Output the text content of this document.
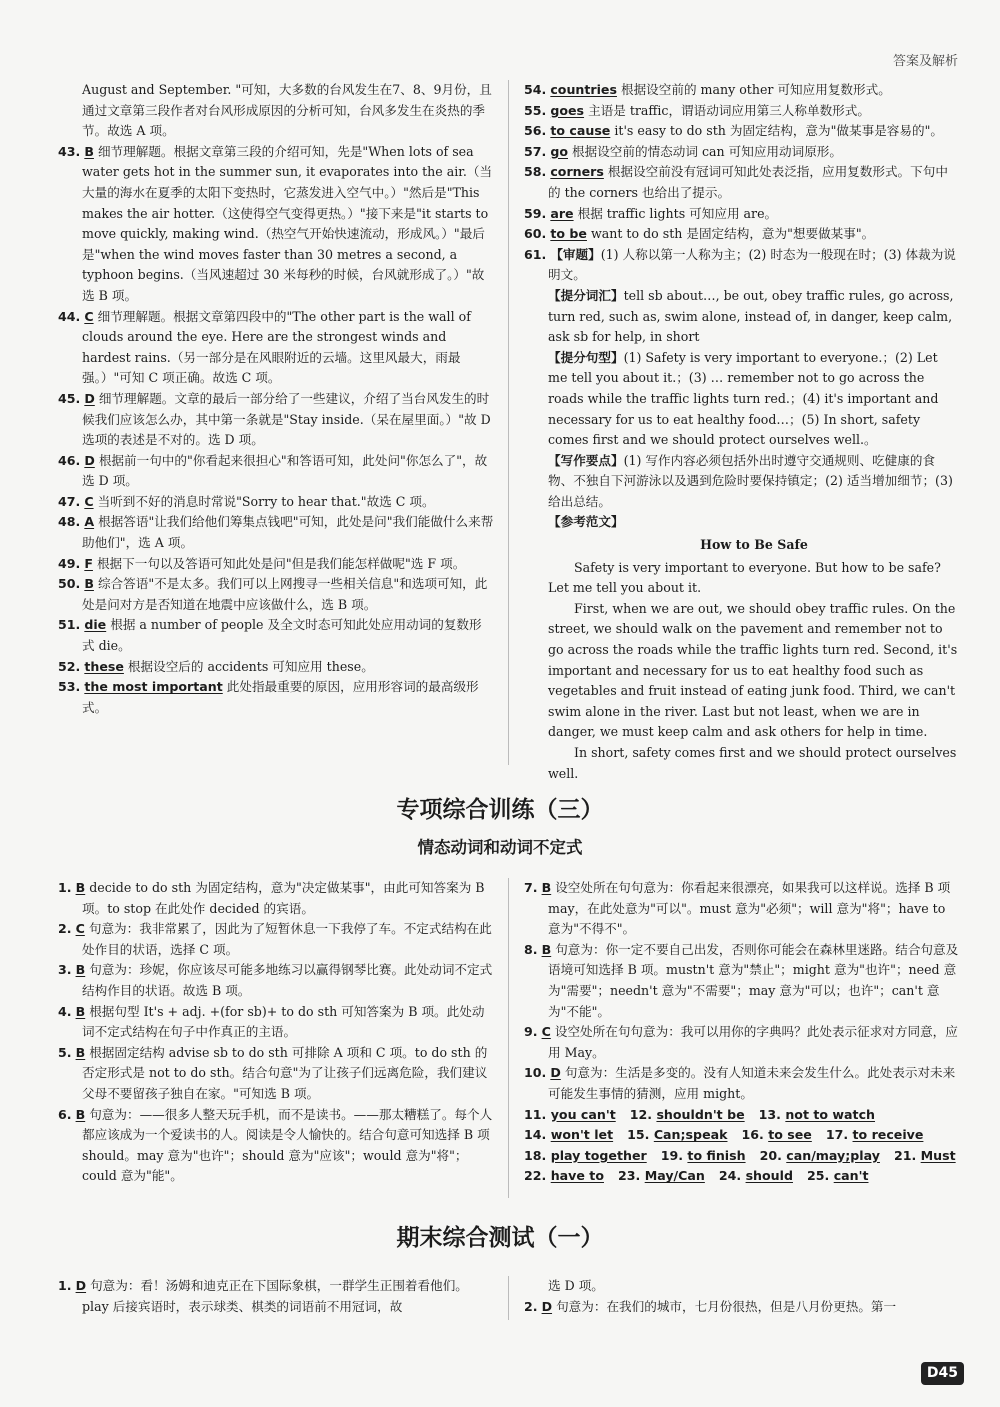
答案及解析

August and September. "可知，大多数的台风发生在7、8、9月份，且通过文章第三段作者对台风形成原因的分析可知，台风多发生在炎热的季节。故选 A 项。

43. B 细节理解题。根据文章第三段的介绍可知，先是"When lots of sea water gets hot in the summer sun, it evaporates into the air.（当大量的海水在夏季的太阳下变热时，它蒸发进入空气中。）"然后是"This makes the air hotter.（这使得空气变得更热。）"接下来是"it starts to move quickly, making wind.（热空气开始快速流动，形成风。）"最后是"when the wind moves faster than 30 metres a second, a typhoon begins.（当风速超过 30 米每秒的时候，台风就形成了。）"故选 B 项。

44. C 细节理解题。根据文章第四段中的"The other part is the wall of clouds around the eye. Here are the strongest winds and hardest rains.（另一部分是在风眼附近的云墙。这里风最大，雨最强。）"可知 C 项正确。故选 C 项。

45. D 细节理解题。文章的最后一部分给了一些建议，介绍了当台风发生的时候我们应该怎么办，其中第一条就是"Stay inside.（呆在屋里面。）"故 D 选项的表述是不对的。选 D 项。

46. D 根据前一句中的"你看起来很担心"和答语可知，此处问"你怎么了"，故选 D 项。

47. C 当听到不好的消息时常说"Sorry to hear that."故选 C 项。

48. A 根据答语"让我们给他们筹集点钱吧"可知，此处是问"我们能做什么来帮助他们"，选 A 项。

49. F 根据下一句以及答语可知此处是问"但是我们能怎样做呢"选 F 项。

50. B 综合答语"不是太多。我们可以上网搜寻一些相关信息"和选项可知，此处是问对方是否知道在地震中应该做什么，选 B 项。

51. die 根据 a number of people 及全文时态可知此处应用动词的复数形式 die。

52. these 根据设空后的 accidents 可知应用 these。

53. the most important 此处指最重要的原因，应用形容词的最高级形式。

54. countries 根据设空前的 many other 可知应用复数形式。

55. goes 主语是 traffic，谓语动词应用第三人称单数形式。

56. to cause it's easy to do sth 为固定结构，意为"做某事是容易的"。

57. go 根据设空前的情态动词 can 可知应用动词原形。

58. corners 根据设空前没有冠词可知此处表泛指，应用复数形式。下句中的 the corners 也给出了提示。

59. are 根据 traffic lights 可知应用 are。

60. to be want to do sth 是固定结构，意为"想要做某事"。

61. 【审题】(1) 人称以第一人称为主；(2) 时态为一般现在时；(3) 体裁为说明文。

【提分词汇】tell sb about…, be out, obey traffic rules, go across, turn red, such as, swim alone, instead of, in danger, keep calm, ask sb for help, in short

【提分句型】(1) Safety is very important to everyone.；(2) Let me tell you about it.；(3) … remember not to go across the roads while the traffic lights turn red.；(4) it's important and necessary for us to eat healthy food…；(5) In short, safety comes first and we should protect ourselves well.。

【写作要点】(1) 写作内容必须包括外出时遵守交通规则、吃健康的食物、不独自下河游泳以及遇到危险时要保持镇定；(2) 适当增加细节；(3) 给出总结。

【参考范文】

How to Be Safe

Safety is very important to everyone. But how to be safe? Let me tell you about it.

First, when we are out, we should obey traffic rules. On the street, we should walk on the pavement and remember not to go across the roads while the traffic lights turn red. Second, it's important and necessary for us to eat healthy food such as vegetables and fruit instead of eating junk food. Third, we can't swim alone in the river. Last but not least, when we are in danger, we must keep calm and ask others for help in time.

In short, safety comes first and we should protect ourselves well.

专项综合训练（三）
情态动词和动词不定式

1. B decide to do sth 为固定结构，意为"决定做某事"，由此可知答案为 B 项。to stop 在此处作 decided 的宾语。

2. C 句意为：我非常累了，因此为了短暂休息一下我停了车。不定式结构在此处作目的状语，选择 C 项。

3. B 句意为：珍妮，你应该尽可能多地练习以赢得钢琴比赛。此处动词不定式结构作目的状语。故选 B 项。

4. B 根据句型 It's + adj. +(for sb)+ to do sth 可知答案为 B 项。此处动词不定式结构在句子中作真正的主语。

5. B 根据固定结构 advise sb to do sth 可排除 A 项和 C 项。to do sth 的否定形式是 not to do sth。结合句意"为了让孩子们远离危险，我们建议父母不要留孩子独自在家。"可知选 B 项。

6. B 句意为：——很多人整天玩手机，而不是读书。——那太糟糕了。每个人都应该成为一个爱读书的人。阅读是令人愉快的。结合句意可知选择 B 项 should。may 意为"也许"；should 意为"应该"；would 意为"将"；could 意为"能"。

7. B 设空处所在句句意为：你看起来很漂亮，如果我可以这样说。选择 B 项 may，在此处意为"可以"。must 意为"必须"；will 意为"将"；have to 意为"不得不"。

8. B 句意为：你一定不要自己出发，否则你可能会在森林里迷路。结合句意及语境可知选择 B 项。mustn't 意为"禁止"；might 意为"也许"；need 意为"需要"；needn't 意为"不需要"；may 意为"可以；也许"；can't 意为"不能"。

9. C 设空处所在句句意为：我可以用你的字典吗？此处表示征求对方同意，应用 May。

10. D 句意为：生活是多变的。没有人知道未来会发生什么。此处表示对未来可能发生事情的猜测，应用 might。

11. you can't 12. shouldn't be 13. not to watch

14. won't let 15. Can;speak 16. to see 17. to receive

18. play together 19. to finish 20. can/may;play 21. Must

22. have to 23. May/Can 24. should 25. can't

期末综合测试（一）

1. D 句意为：看！汤姆和迪克正在下国际象棋，一群学生正围着看他们。play 后接宾语时，表示球类、棋类的词语前不用冠词，故

选 D 项。

2. D 句意为：在我们的城市，七月份很热，但是八月份更热。第一

D45
